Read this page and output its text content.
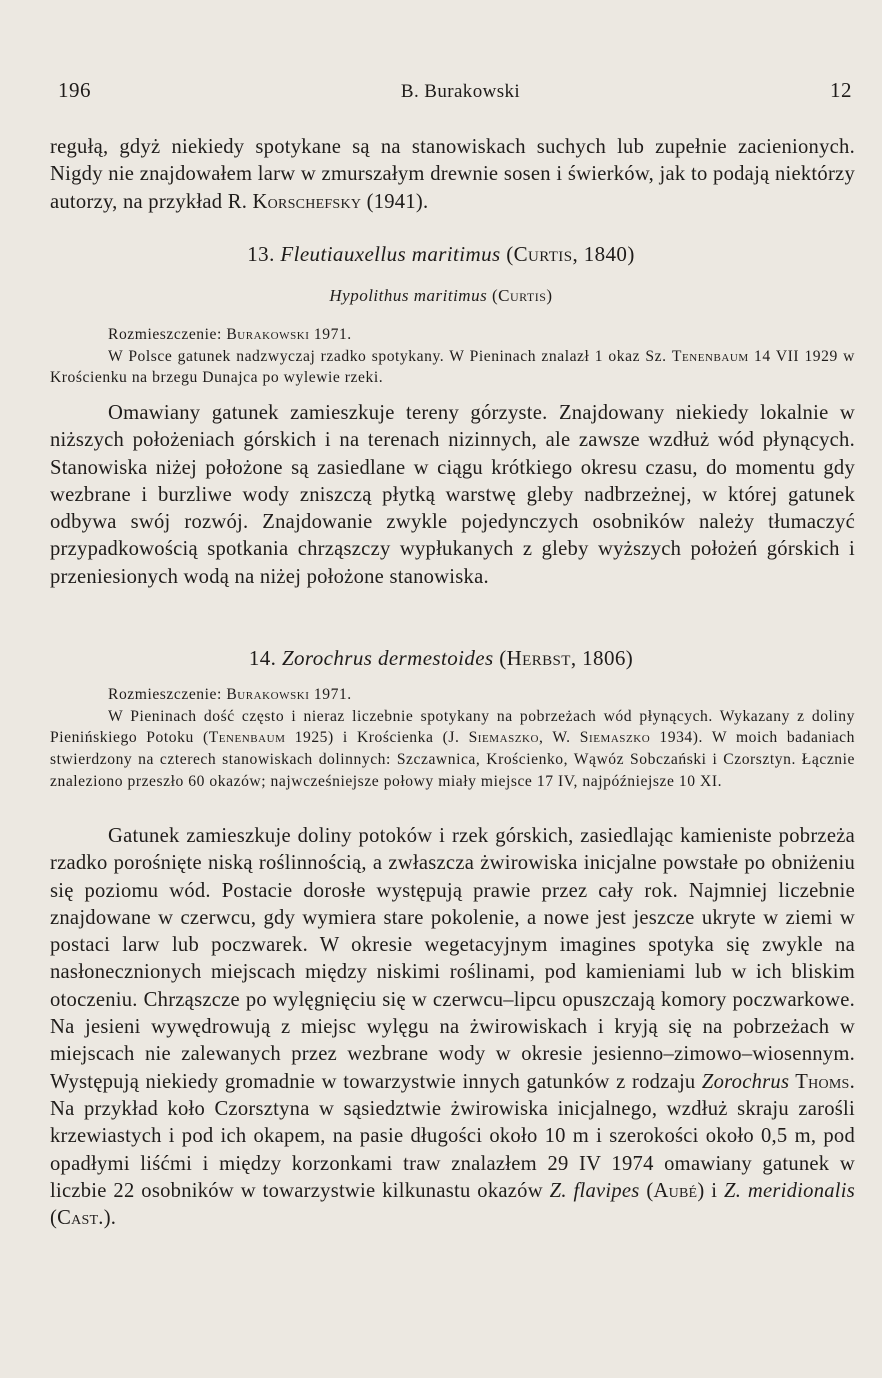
196	B. Burakowski	12

regułą, gdyż niekiedy spotykane są na stanowiskach suchych lub zupełnie zacienionych. Nigdy nie znajdowałem larw w zmurszałym drewnie sosen i świerków, jak to podają niektórzy autorzy, na przykład R. Korschefsky (1941).

13. Fleutiauxellus maritimus (Curtis, 1840)
Hypolithus maritimus (Curtis)

Rozmieszczenie: Burakowski 1971.

W Polsce gatunek nadzwyczaj rzadko spotykany. W Pieninach znalazł 1 okaz Sz. Tenenbaum 14 VII 1929 w Krościenku na brzegu Dunajca po wylewie rzeki.

Omawiany gatunek zamieszkuje tereny górzyste. Znajdowany niekiedy lokalnie w niższych położeniach górskich i na terenach nizinnych, ale zawsze wzdłuż wód płynących. Stanowiska niżej położone są zasiedlane w ciągu krótkiego okresu czasu, do momentu gdy wezbrane i burzliwe wody zniszczą płytką warstwę gleby nadbrzeżnej, w której gatunek odbywa swój rozwój. Znajdowanie zwykle pojedynczych osobników należy tłumaczyć przypadkowością spotkania chrząszczy wypłukanych z gleby wyższych położeń górskich i przeniesionych wodą na niżej położone stanowiska.

14. Zorochrus dermestoides (Herbst, 1806)

Rozmieszczenie: Burakowski 1971.

W Pieninach dość często i nieraz liczebnie spotykany na pobrzeżach wód płynących. Wykazany z doliny Pienińskiego Potoku (Tenenbaum 1925) i Krościenka (J. Siemaszko, W. Siemaszko 1934). W moich badaniach stwierdzony na czterech stanowiskach dolinnych: Szczawnica, Krościenko, Wąwóz Sobczański i Czorsztyn. Łącznie znaleziono przeszło 60 okazów; najwcześniejsze połowy miały miejsce 17 IV, najpóźniejsze 10 XI.

Gatunek zamieszkuje doliny potoków i rzek górskich, zasiedlając kamieniste pobrzeża rzadko porośnięte niską roślinnością, a zwłaszcza żwirowiska inicjalne powstałe po obniżeniu się poziomu wód. Postacie dorosłe występują prawie przez cały rok. Najmniej liczebnie znajdowane w czerwcu, gdy wymiera stare pokolenie, a nowe jest jeszcze ukryte w ziemi w postaci larw lub poczwarek. W okresie wegetacyjnym imagines spotyka się zwykle na nasłonecznionych miejscach między niskimi roślinami, pod kamieniami lub w ich bliskim otoczeniu. Chrząszcze po wylęgnięciu się w czerwcu–lipcu opuszczają komory poczwarkowe. Na jesieni wywędrowują z miejsc wylęgu na żwirowiskach i kryją się na pobrzeżach w miejscach nie zalewanych przez wezbrane wody w okresie jesienno–zimowo–wiosennym. Występują niekiedy gromadnie w towarzystwie innych gatunków z rodzaju Zorochrus Thoms. Na przykład koło Czorsztyna w sąsiedztwie żwirowiska inicjalnego, wzdłuż skraju zarośli krzewiastych i pod ich okapem, na pasie długości około 10 m i szerokości około 0,5 m, pod opadłymi liśćmi i między korzonkami traw znalazłem 29 IV 1974 omawiany gatunek w liczbie 22 osobników w towarzystwie kilkunastu okazów Z. flavipes (Aubé) i Z. meridionalis (Cast.).
